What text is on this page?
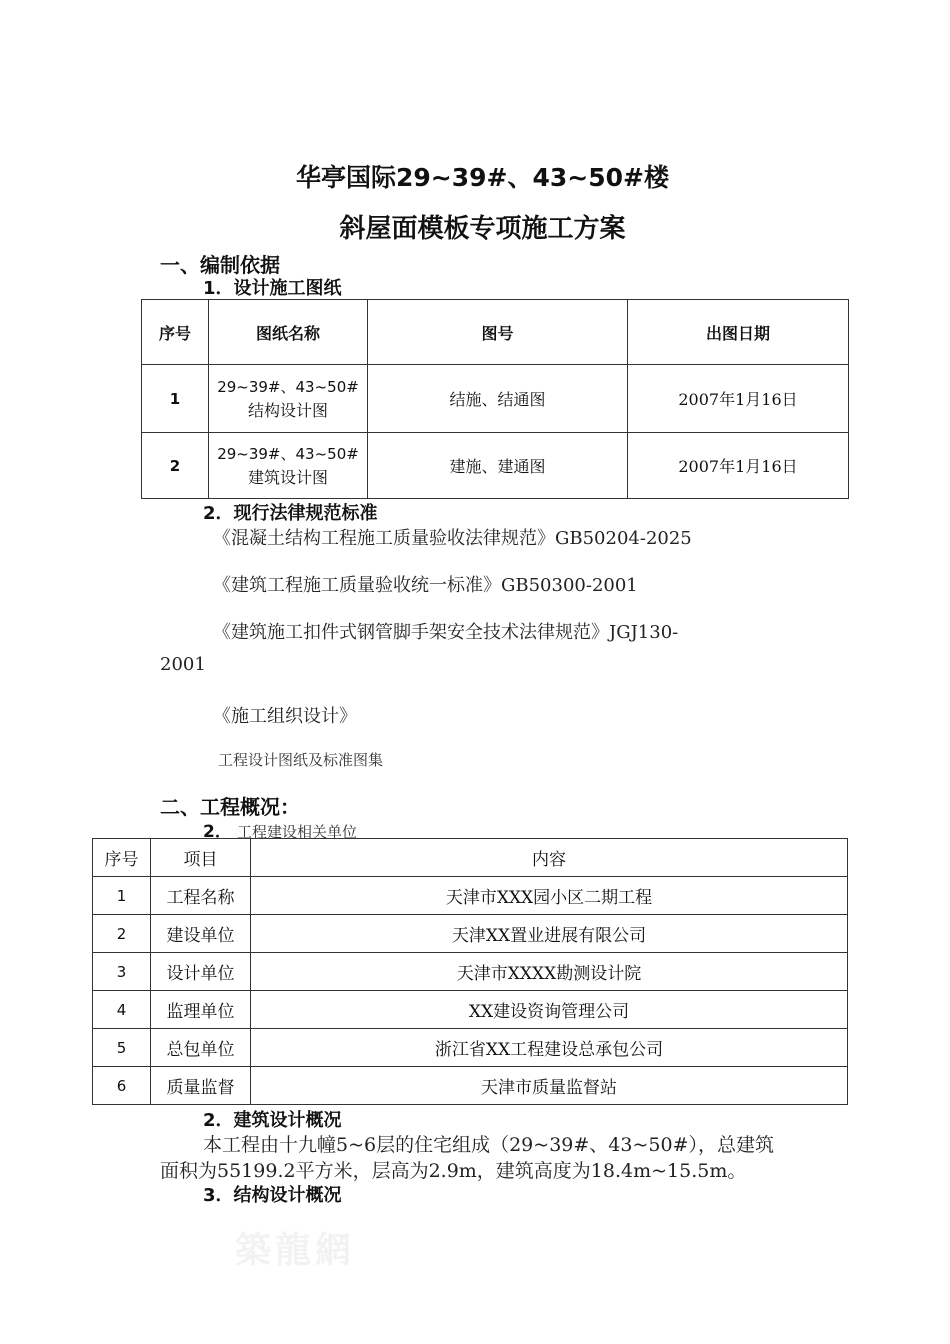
华亭国际29~39#、43~50#楼
斜屋面模板专项施工方案
一、编制依据
1．设计施工图纸
序号	图纸名称	图号	出图日期
1	29~39#、43~50#
结构设计图	结施、结通图	2007年1月16日
2	29~39#、43~50#
建筑设计图	建施、建通图	2007年1月16日
2．现行法律规范标准
《混凝土结构工程施工质量验收法律规范》GB50204-2025
《建筑工程施工质量验收统一标准》GB50300-2001
《建筑施工扣件式钢管脚手架安全技术法律规范》JGJ130-
2001
《施工组织设计》
工程设计图纸及标准图集
二、工程概况：
2． 工程建设相关单位
序号	项目	内容
1	工程名称	天津市XXX园小区二期工程
2	建设单位	天津XX置业进展有限公司
3	设计单位	天津市XXXX勘测设计院
4	监理单位	XX建设资询管理公司
5	总包单位	浙江省XX工程建设总承包公司
6	质量监督	天津市质量监督站
2．建筑设计概况
本工程由十九幢5~6层的住宅组成（29~39#、43~50#），总建筑
面积为55199.2平方米，层高为2.9m，建筑高度为18.4m~15.5m。
3．结构设计概况
築龍網
